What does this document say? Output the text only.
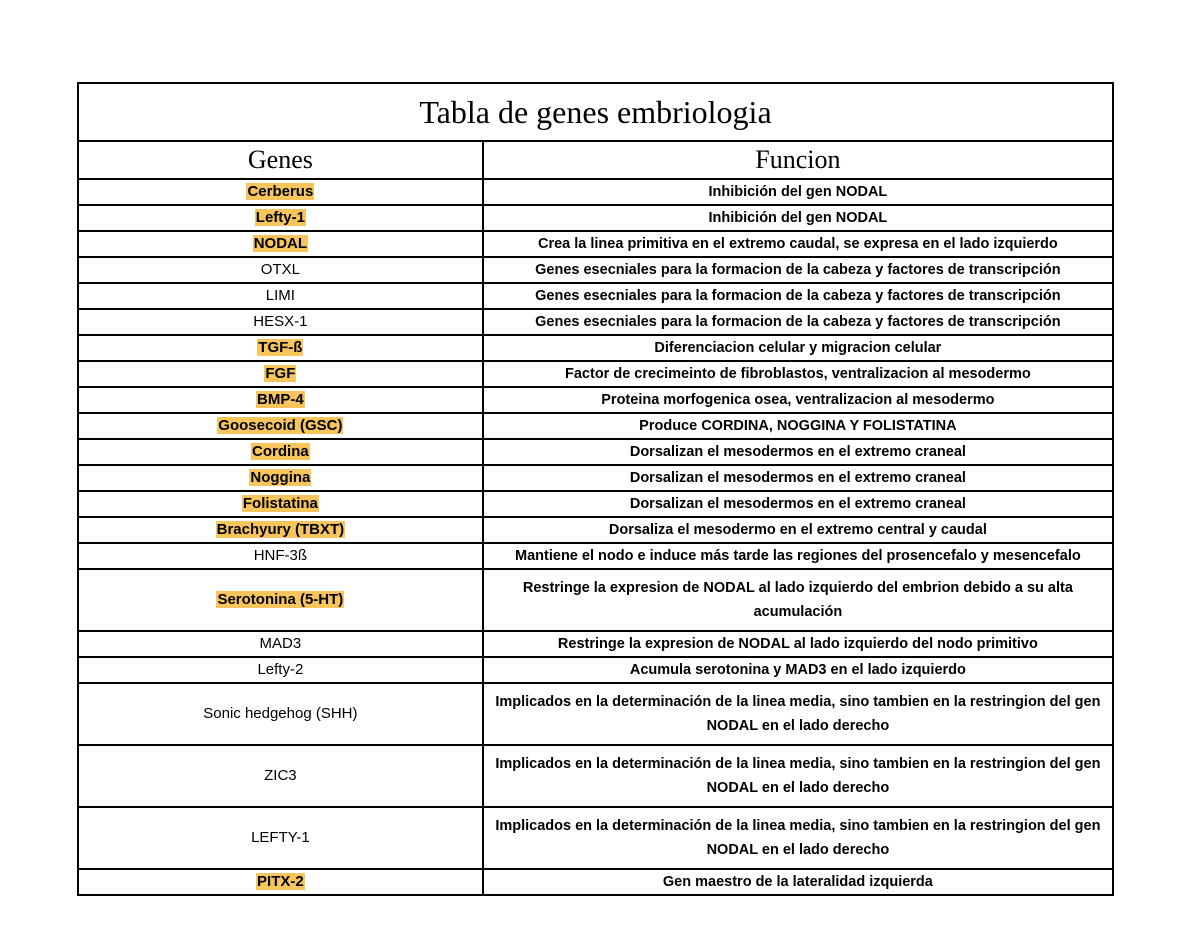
Tabla de genes embriologia	
Genes	Funcion
Cerberus	Inhibición del gen NODAL
Lefty-1	Inhibición del gen NODAL
NODAL	Crea la linea primitiva en el extremo caudal, se expresa en el lado izquierdo
OTXL	Genes esecniales para la formacion de la cabeza y factores de transcripción
LIMI	Genes esecniales para la formacion de la cabeza y factores de transcripción
HESX-1	Genes esecniales para la formacion de la cabeza y factores de transcripción
TGF-ß	Diferenciacion celular y migracion celular
FGF	Factor de crecimeinto de fibroblastos, ventralizacion al mesodermo
BMP-4	Proteina morfogenica osea, ventralizacion al mesodermo
Goosecoid (GSC)	Produce CORDINA, NOGGINA Y FOLISTATINA
Cordina	Dorsalizan el mesodermos en el extremo craneal
Noggina	Dorsalizan el mesodermos en el extremo craneal
Folistatina	Dorsalizan el mesodermos en el extremo craneal
Brachyury (TBXT)	Dorsaliza el mesodermo en el extremo central y caudal
HNF-3ß	Mantiene el nodo e induce más tarde las regiones del prosencefalo y mesencefalo
Serotonina (5-HT)	Restringe la expresion de NODAL al lado izquierdo del embrion debido a su alta acumulación
MAD3	Restringe la expresion de NODAL al lado izquierdo del nodo primitivo
Lefty-2	Acumula serotonina y MAD3 en el lado izquierdo
Sonic hedgehog (SHH)	Implicados en la determinación de la linea media, sino tambien en la restringion del gen NODAL en el lado derecho
ZIC3	Implicados en la determinación de la linea media, sino tambien en la restringion del gen NODAL en el lado derecho
LEFTY-1	Implicados en la determinación de la linea media, sino tambien en la restringion del gen NODAL en el lado derecho
PITX-2	Gen maestro de la lateralidad izquierda
